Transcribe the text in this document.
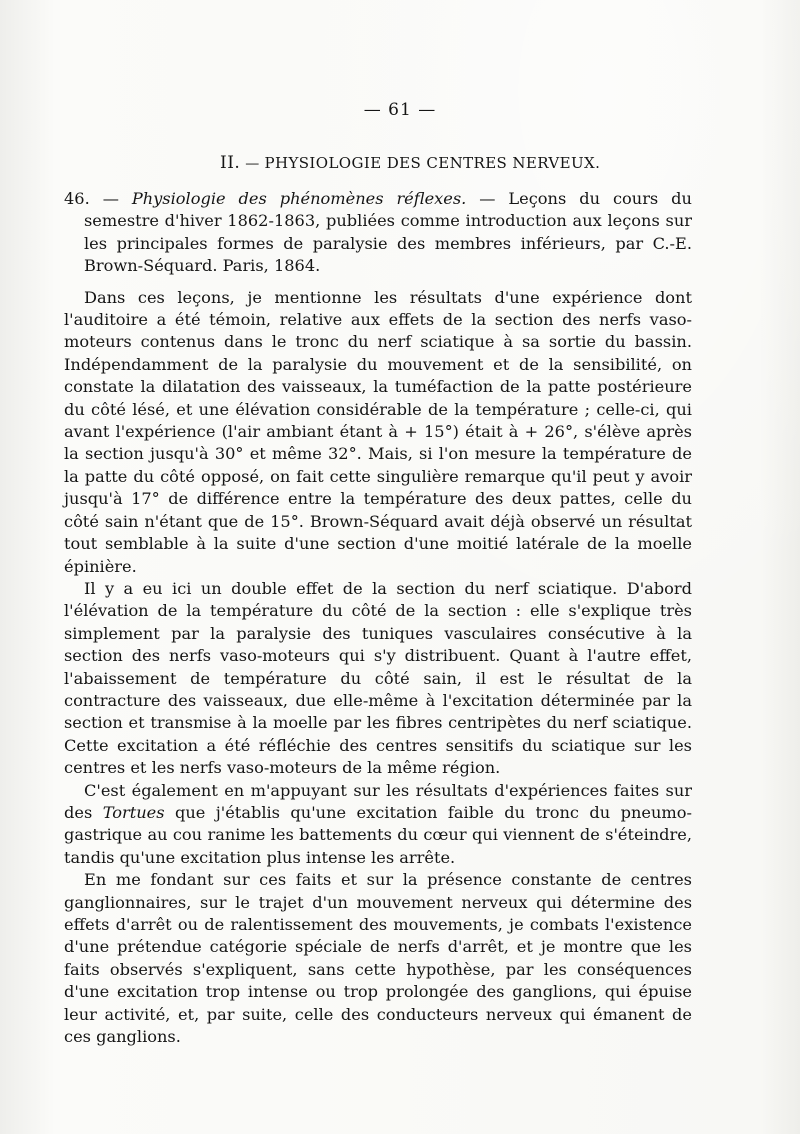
— 61 —
II. — PHYSIOLOGIE DES CENTRES NERVEUX.

46. — Physiologie des phénomènes réflexes. — Leçons du cours du semestre d'hiver 1862-1863, publiées comme introduction aux leçons sur les principales formes de paralysie des membres inférieurs, par C.-E. Brown-Séquard. Paris, 1864.

Dans ces leçons, je mentionne les résultats d'une expérience dont l'auditoire a été témoin, relative aux effets de la section des nerfs vaso-moteurs contenus dans le tronc du nerf sciatique à sa sortie du bassin. Indépendamment de la paralysie du mouvement et de la sensibilité, on constate la dilatation des vaisseaux, la tuméfaction de la patte postérieure du côté lésé, et une élévation considérable de la température ; celle-ci, qui avant l'expérience (l'air ambiant étant à + 15°) était à + 26°, s'élève après la section jusqu'à 30° et même 32°. Mais, si l'on mesure la température de la patte du côté opposé, on fait cette singulière remarque qu'il peut y avoir jusqu'à 17° de différence entre la température des deux pattes, celle du côté sain n'étant que de 15°. Brown-Séquard avait déjà observé un résultat tout semblable à la suite d'une section d'une moitié latérale de la moelle épinière.

Il y a eu ici un double effet de la section du nerf sciatique. D'abord l'élévation de la température du côté de la section : elle s'explique très simplement par la paralysie des tuniques vasculaires consécutive à la section des nerfs vaso-moteurs qui s'y distribuent. Quant à l'autre effet, l'abaissement de température du côté sain, il est le résultat de la contracture des vaisseaux, due elle-même à l'excitation déterminée par la section et transmise à la moelle par les fibres centripètes du nerf sciatique. Cette excitation a été réfléchie des centres sensitifs du sciatique sur les centres et les nerfs vaso-moteurs de la même région.

C'est également en m'appuyant sur les résultats d'expériences faites sur des Tortues que j'établis qu'une excitation faible du tronc du pneumo-gastrique au cou ranime les battements du cœur qui viennent de s'éteindre, tandis qu'une excitation plus intense les arrête.

En me fondant sur ces faits et sur la présence constante de centres ganglionnaires, sur le trajet d'un mouvement nerveux qui détermine des effets d'arrêt ou de ralentissement des mouvements, je combats l'existence d'une prétendue catégorie spéciale de nerfs d'arrêt, et je montre que les faits observés s'expliquent, sans cette hypothèse, par les conséquences d'une excitation trop intense ou trop prolongée des ganglions, qui épuise leur activité, et, par suite, celle des conducteurs nerveux qui émanent de ces ganglions.
